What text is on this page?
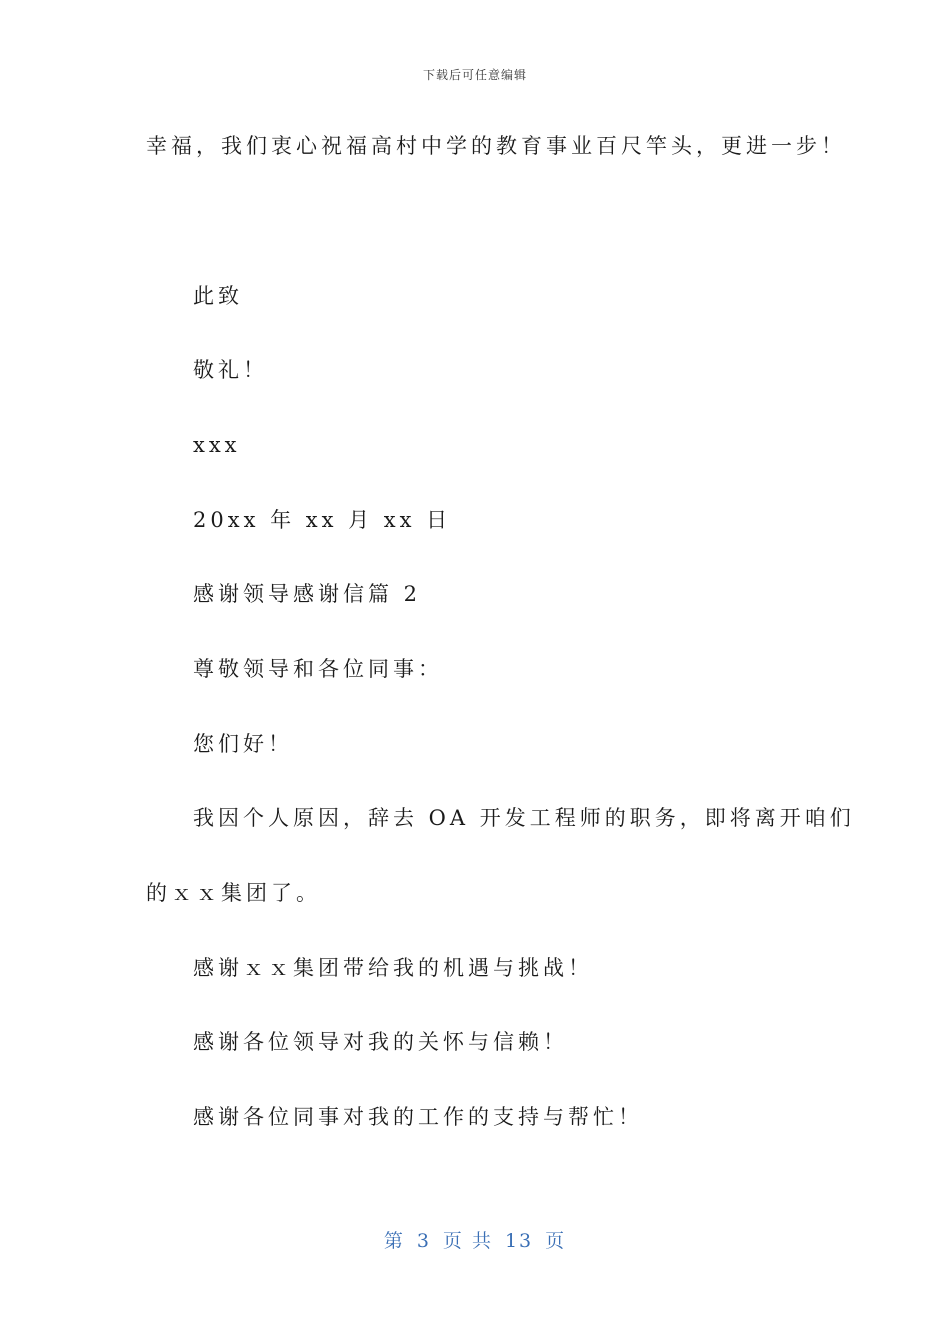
下载后可任意编辑
幸福，我们衷心祝福高村中学的教育事业百尺竿头，更进一步！
此致
敬礼！
xxx
20xx 年 xx 月 xx 日
感谢领导感谢信篇 2
尊敬领导和各位同事：
您们好！
我因个人原因，辞去 OA 开发工程师的职务，即将离开咱们
的ｘｘ集团了。
感谢ｘｘ集团带给我的机遇与挑战！
感谢各位领导对我的关怀与信赖！
感谢各位同事对我的工作的支持与帮忙！
第 3 页 共 13 页
